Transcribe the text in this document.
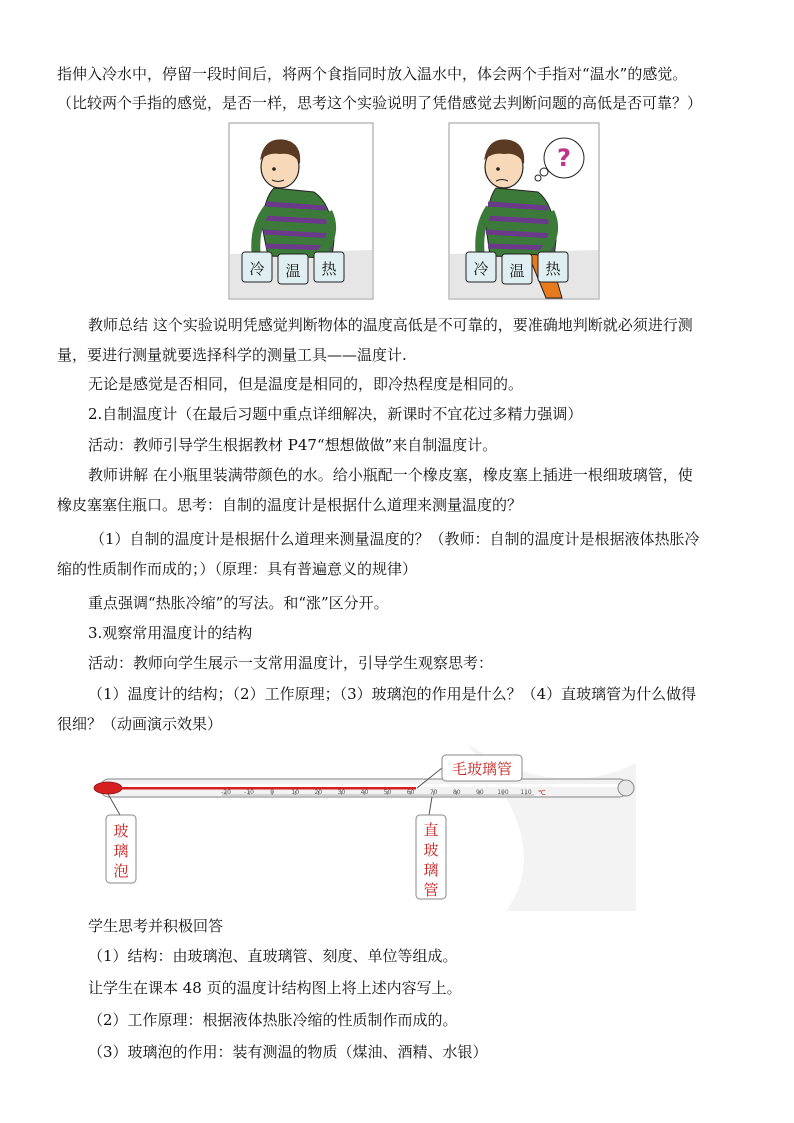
指伸入冷水中，停留一段时间后，将两个食指同时放入温水中，体会两个手指对“温水”的感觉。
（比较两个手指的感觉，是否一样，思考这个实验说明了凭借感觉去判断问题的高低是否可靠？）
冷 温 热
?
冷 温 热
教师总结 这个实验说明凭感觉判断物体的温度高低是不可靠的，要准确地判断就必须进行测
量，要进行测量就要选择科学的测量工具——温度计.
无论是感觉是否相同，但是温度是相同的，即冷热程度是相同的。
2.自制温度计（在最后习题中重点详细解决，新课时不宜花过多精力强调）
活动：教师引导学生根据教材 P47“想想做做”来自制温度计。
教师讲解 在小瓶里装满带颜色的水。给小瓶配一个橡皮塞，橡皮塞上插进一根细玻璃管，使
橡皮塞塞住瓶口。思考：自制的温度计是根据什么道理来测量温度的？
（1）自制的温度计是根据什么道理来测量温度的？（教师：自制的温度计是根据液体热胀冷
缩的性质制作而成的；）（原理：具有普遍意义的规律）
重点强调“热胀冷缩”的写法。和“涨”区分开。
3.观察常用温度计的结构
活动：教师向学生展示一支常用温度计，引导学生观察思考：
（1）温度计的结构；（2）工作原理；（3）玻璃泡的作用是什么？（4）直玻璃管为什么做得
很细？（动画演示效果）
-20 -10	0	10	20	30	40	50	60	70	80	90 100 110 ℃
毛玻璃管
玻
璃
泡
直
玻
璃
管
学生思考并积极回答
（1）结构：由玻璃泡、直玻璃管、刻度、单位等组成。
让学生在课本 48 页的温度计结构图上将上述内容写上。
（2）工作原理：根据液体热胀冷缩的性质制作而成的。
（3）玻璃泡的作用：装有测温的物质（煤油、酒精、水银）
